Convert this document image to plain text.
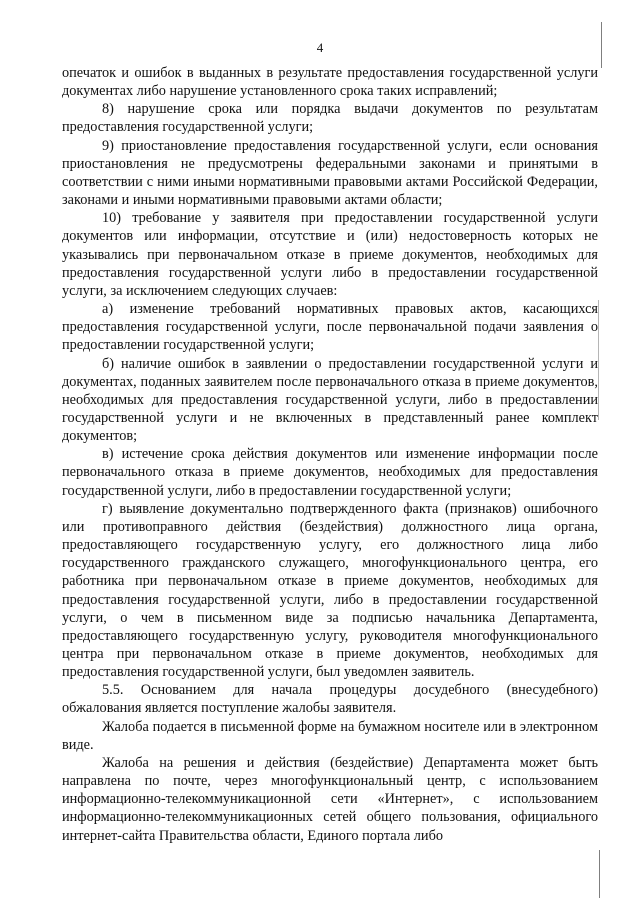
4

опечаток и ошибок в выданных в результате предоставления государственной услуги документах либо нарушение установленного срока таких исправлений;

8) нарушение срока или порядка выдачи документов по результатам предоставления государственной услуги;

9) приостановление предоставления государственной услуги, если основания приостановления не предусмотрены федеральными законами и принятыми в соответствии с ними иными нормативными правовыми актами Российской Федерации, законами и иными нормативными правовыми актами области;

10) требование у заявителя при предоставлении государственной услуги документов или информации, отсутствие и (или) недостоверность которых не указывались при первоначальном отказе в приеме документов, необходимых для предоставления государственной услуги либо в предоставлении государственной услуги, за исключением следующих случаев:

а) изменение требований нормативных правовых актов, касающихся предоставления государственной услуги, после первоначальной подачи заявления о предоставлении государственной услуги;

б) наличие ошибок в заявлении о предоставлении государственной услуги и документах, поданных заявителем после первоначального отказа в приеме документов, необходимых для предоставления государственной услуги, либо в предоставлении государственной услуги и не включенных в представленный ранее комплект документов;

в) истечение срока действия документов или изменение информации после первоначального отказа в приеме документов, необходимых для предоставления государственной услуги, либо в предоставлении государственной услуги;

г) выявление документально подтвержденного факта (признаков) ошибочного или противоправного действия (бездействия) должностного лица органа, предоставляющего государственную услугу, его должностного лица либо государственного гражданского служащего, многофункционального центра, его работника при первоначальном отказе в приеме документов, необходимых для предоставления государственной услуги, либо в предоставлении государственной услуги, о чем в письменном виде за подписью начальника Департамента, предоставляющего государственную услугу, руководителя многофункционального центра при первоначальном отказе в приеме документов, необходимых для предоставления государственной услуги, был уведомлен заявитель.

5.5. Основанием для начала процедуры досудебного (внесудебного) обжалования является поступление жалобы заявителя.

Жалоба подается в письменной форме на бумажном носителе или в электронном виде.

Жалоба на решения и действия (бездействие) Департамента может быть направлена по почте, через многофункциональный центр, с использованием информационно-телекоммуникационной сети «Интернет», с использованием информационно-телекоммуникационных сетей общего пользования, официального интернет-сайта Правительства области, Единого портала либо
